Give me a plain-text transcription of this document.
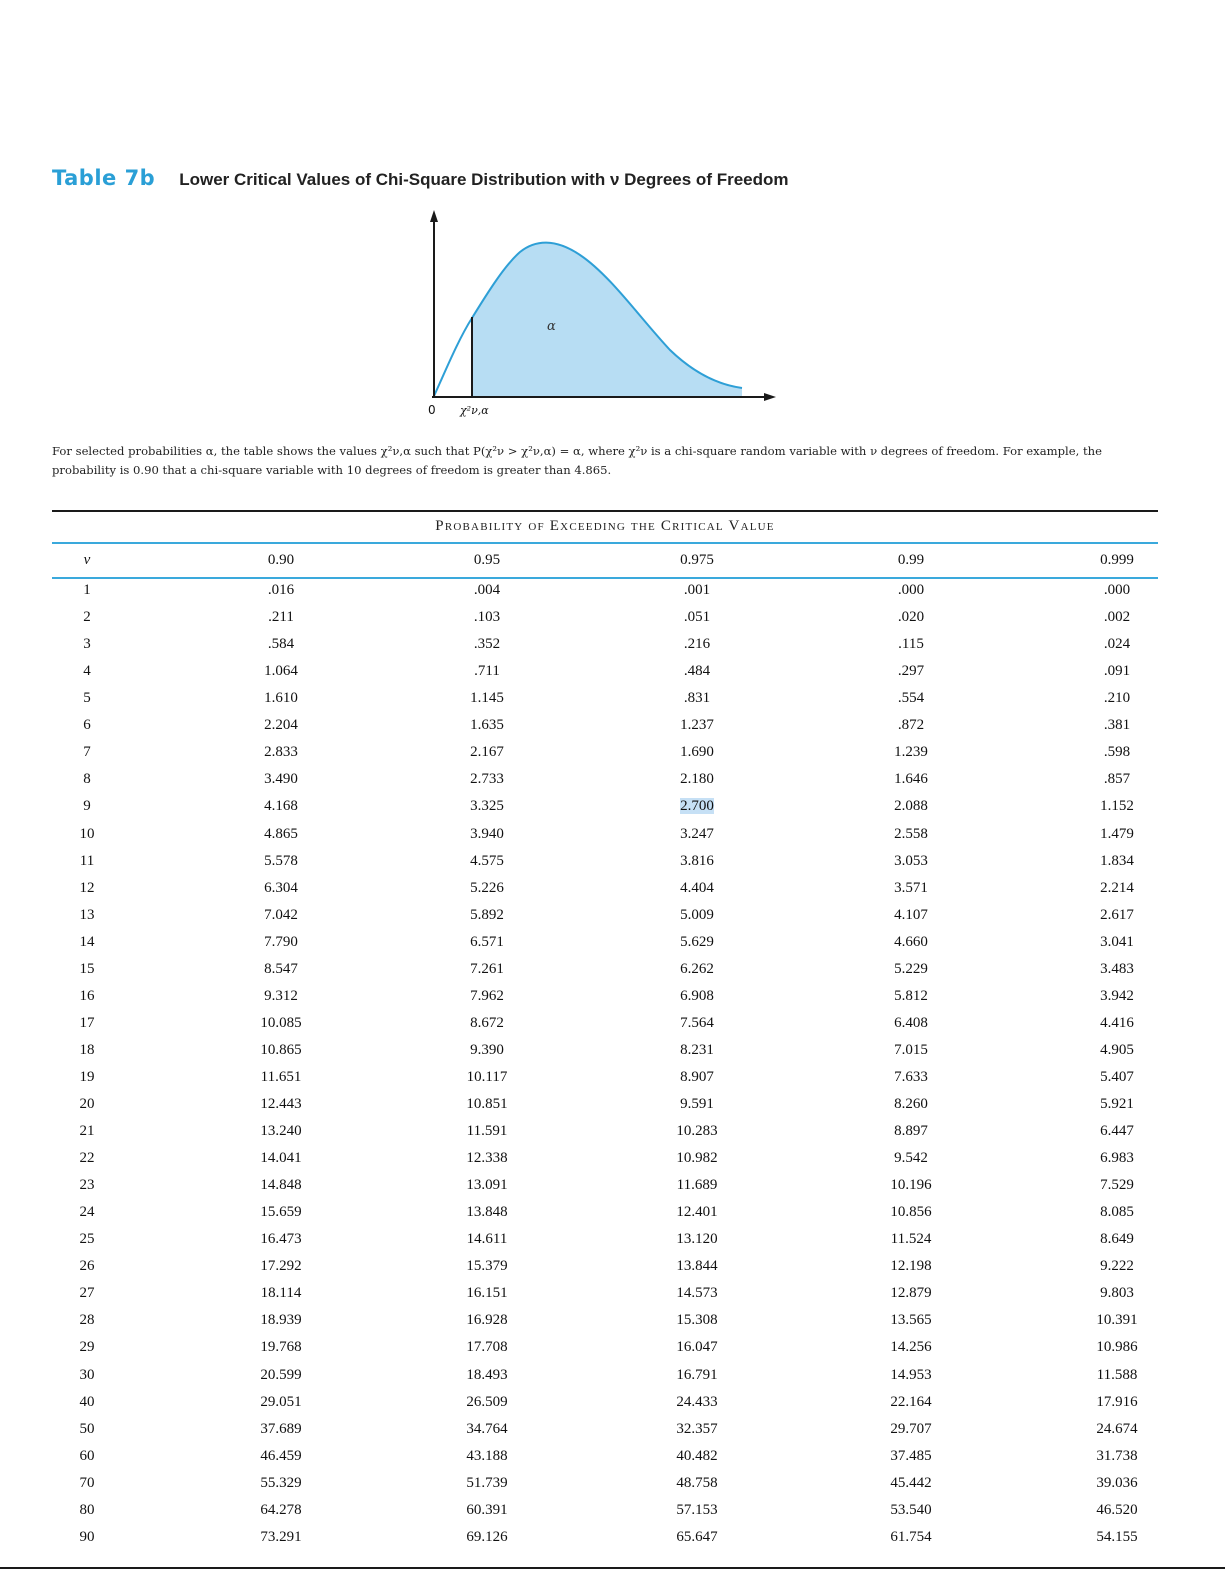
Table 7b Lower Critical Values of Chi-Square Distribution with ν Degrees of Freedom
α
0 χ²ν,α
For selected probabilities α, the table shows the values χ²ν,α such that P(χ²ν > χ²ν,α) = α, where χ²ν is a chi-square random variable with ν degrees of freedom. For example, the probability is 0.90 that a chi-square variable with 10 degrees of freedom is greater than 4.865.
Probability of Exceeding the Critical Value
ν	0.90	0.95	0.975	0.99	0.999
1	.016	.004	.001	.000	.000
2	.211	.103	.051	.020	.002
3	.584	.352	.216	.115	.024
4	1.064	.711	.484	.297	.091
5	1.610	1.145	.831	.554	.210
6	2.204	1.635	1.237	.872	.381
7	2.833	2.167	1.690	1.239	.598
8	3.490	2.733	2.180	1.646	.857
9	4.168	3.325	2.700	2.088	1.152
10	4.865	3.940	3.247	2.558	1.479
11	5.578	4.575	3.816	3.053	1.834
12	6.304	5.226	4.404	3.571	2.214
13	7.042	5.892	5.009	4.107	2.617
14	7.790	6.571	5.629	4.660	3.041
15	8.547	7.261	6.262	5.229	3.483
16	9.312	7.962	6.908	5.812	3.942
17	10.085	8.672	7.564	6.408	4.416
18	10.865	9.390	8.231	7.015	4.905
19	11.651	10.117	8.907	7.633	5.407
20	12.443	10.851	9.591	8.260	5.921
21	13.240	11.591	10.283	8.897	6.447
22	14.041	12.338	10.982	9.542	6.983
23	14.848	13.091	11.689	10.196	7.529
24	15.659	13.848	12.401	10.856	8.085
25	16.473	14.611	13.120	11.524	8.649
26	17.292	15.379	13.844	12.198	9.222
27	18.114	16.151	14.573	12.879	9.803
28	18.939	16.928	15.308	13.565	10.391
29	19.768	17.708	16.047	14.256	10.986
30	20.599	18.493	16.791	14.953	11.588
40	29.051	26.509	24.433	22.164	17.916
50	37.689	34.764	32.357	29.707	24.674
60	46.459	43.188	40.482	37.485	31.738
70	55.329	51.739	48.758	45.442	39.036
80	64.278	60.391	57.153	53.540	46.520
90	73.291	69.126	65.647	61.754	54.155
